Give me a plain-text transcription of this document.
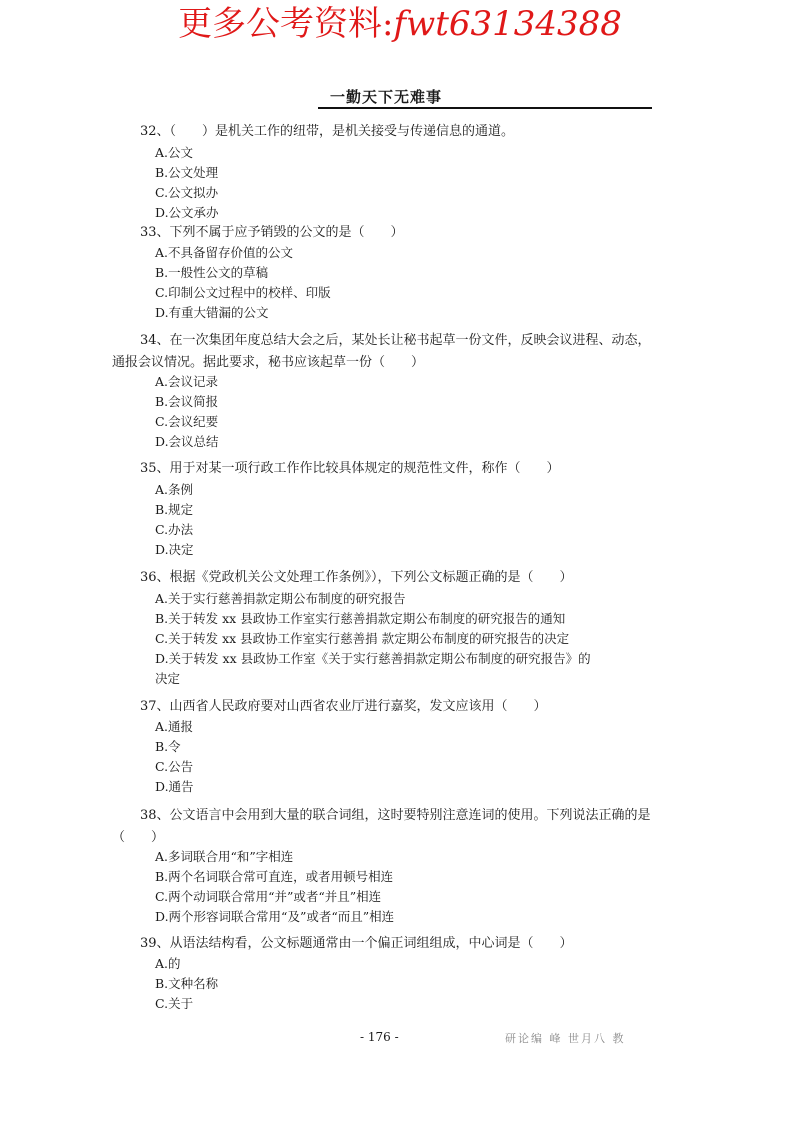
更多公考资料:fwt63134388
一勤天下无难事
32、（　　）是机关工作的纽带，是机关接受与传递信息的通道。
A.公文
B.公文处理
C.公文拟办
D.公文承办
33、下列不属于应予销毁的公文的是（　　）
A.不具备留存价值的公文
B.一般性公文的草稿
C.印制公文过程中的校样、印版
D.有重大错漏的公文
34、在一次集团年度总结大会之后，某处长让秘书起草一份文件，反映会议进程、动态，通报会议情况。据此要求，秘书应该起草一份（　　）
A.会议记录
B.会议简报
C.会议纪要
D.会议总结
35、用于对某一项行政工作作比较具体规定的规范性文件，称作（　　）
A.条例
B.规定
C.办法
D.决定
36、根据《党政机关公文处理工作条例》），下列公文标题正确的是（　　）
A.关于实行慈善捐款定期公布制度的研究报告
B.关于转发 xx 县政协工作室实行慈善捐款定期公布制度的研究报告的通知
C.关于转发 xx 县政协工作室实行慈善捐 款定期公布制度的研究报告的决定
D.关于转发 xx 县政协工作室《关于实行慈善捐款定期公布制度的研究报告》的
决定
37、山西省人民政府要对山西省农业厅进行嘉奖，发文应该用（　　）
A.通报
B.令
C.公告
D.通告
38、公文语言中会用到大量的联合词组，这时要特别注意连词的使用。下列说法正确的是（　　）
A.多词联合用“和”字相连
B.两个名词联合常可直连，或者用顿号相连
C.两个动词联合常用“并”或者“并且”相连
D.两个形容词联合常用“及”或者“而且”相连
39、从语法结构看，公文标题通常由一个偏正词组组成，中心词是（　　）
A.的
B.文种名称
C.关于
- 176 -	研论编 峰 世月八 教
